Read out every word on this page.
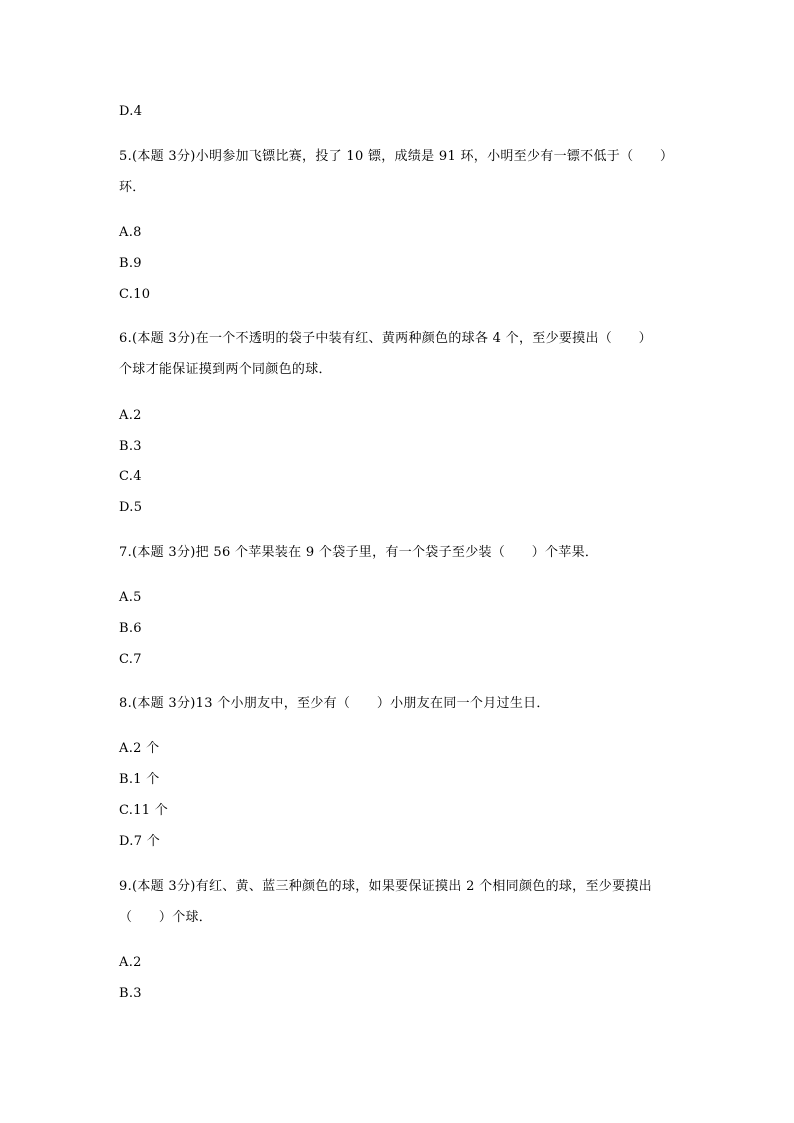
D.4
5.(本题 3分)小明参加飞镖比赛，投了 10 镖，成绩是 91 环，小明至少有一镖不低于（　　）
环．
A.8
B.9
C.10
6.(本题 3分)在一个不透明的袋子中装有红、黄两种颜色的球各 4 个，至少要摸出（　　）
个球才能保证摸到两个同颜色的球．
A.2
B.3
C.4
D.5
7.(本题 3分)把 56 个苹果装在 9 个袋子里，有一个袋子至少装（　　）个苹果．
A.5
B.6
C.7
8.(本题 3分)13 个小朋友中，至少有（　　）小朋友在同一个月过生日．
A.2 个
B.1 个
C.11 个
D.7 个
9.(本题 3分)有红、黄、蓝三种颜色的球，如果要保证摸出 2 个相同颜色的球，至少要摸出
（　　）个球．
A.2
B.3
